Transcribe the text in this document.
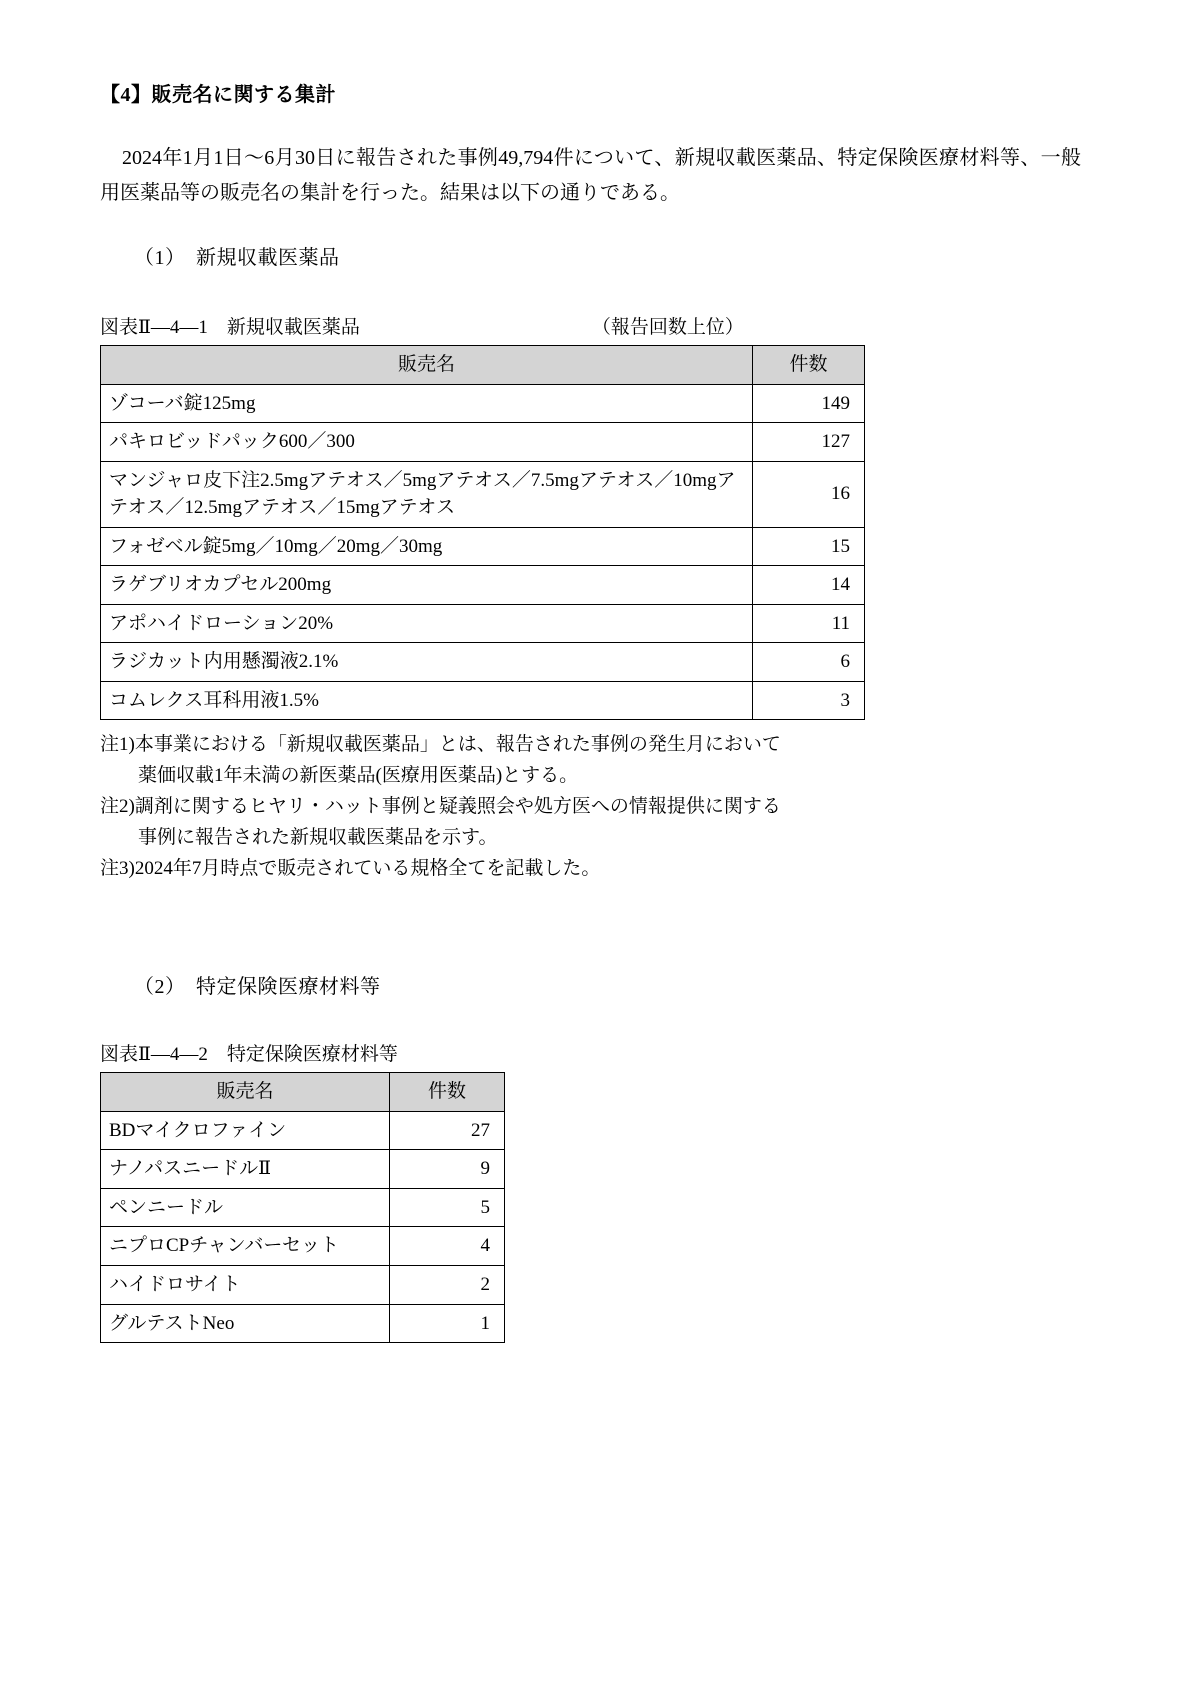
【4】販売名に関する集計

2024年1月1日～6月30日に報告された事例49,794件について、新規収載医薬品、特定保険医療材料等、一般用医薬品等の販売名の集計を行った。結果は以下の通りである。

（1）　新規収載医薬品

図表Ⅱ―4―1　新規収載医薬品	（報告回数上位）
販売名	件数
ゾコーバ錠125mg	149
パキロビッドパック600／300	127
マンジャロ皮下注2.5mgアテオス／5mgアテオス／7.5mgアテオス／10mgアテオス／12.5mgアテオス／15mgアテオス	16
フォゼベル錠5mg／10mg／20mg／30mg	15
ラゲブリオカプセル200mg	14
アポハイドローション20%	11
ラジカット内用懸濁液2.1%	6
コムレクス耳科用液1.5%	3

注1)本事業における「新規収載医薬品」とは、報告された事例の発生月において

薬価収載1年未満の新医薬品(医療用医薬品)とする。

注2)調剤に関するヒヤリ・ハット事例と疑義照会や処方医への情報提供に関する

事例に報告された新規収載医薬品を示す。

注3)2024年7月時点で販売されている規格全てを記載した。

（2）　特定保険医療材料等

図表Ⅱ―4―2　特定保険医療材料等
販売名	件数
BDマイクロファイン	27
ナノパスニードルⅡ	9
ペンニードル	5
ニプロCPチャンバーセット	4
ハイドロサイト	2
グルテストNeo	1
